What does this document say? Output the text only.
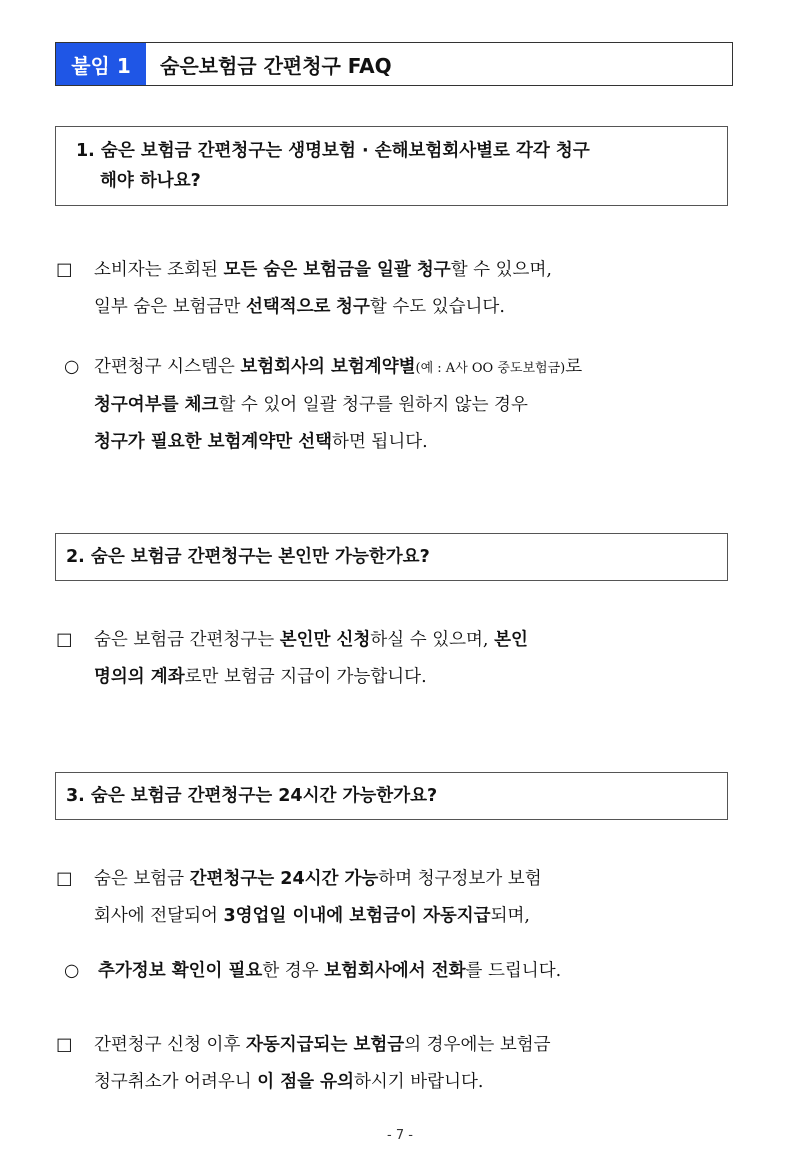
붙임 1	숨은보험금 간편청구 FAQ
1. 숨은 보험금 간편청구는 생명보험 · 손해보험회사별로 각각 청구
해야 하나요?
□	소비자는 조회된 모든 숨은 보험금을 일괄 청구할 수 있으며,
일부 숨은 보험금만 선택적으로 청구할 수도 있습니다.
○ 간편청구 시스템은 보험회사의 보험계약별(예 : A사 OO 중도보험금)로
청구여부를 체크할 수 있어 일괄 청구를 원하지 않는 경우
청구가 필요한 보험계약만 선택하면 됩니다.
2. 숨은 보험금 간편청구는 본인만 가능한가요?
□	숨은 보험금 간편청구는 본인만 신청하실 수 있으며, 본인
명의의 계좌로만 보험금 지급이 가능합니다.
3. 숨은 보험금 간편청구는 24시간 가능한가요?
□	숨은 보험금 간편청구는 24시간 가능하며 청구정보가 보험
회사에 전달되어 3영업일 이내에 보험금이 자동지급되며,
○	추가정보 확인이 필요한 경우 보험회사에서 전화를 드립니다.
□	간편청구 신청 이후 자동지급되는 보험금의 경우에는 보험금
청구취소가 어려우니 이 점을 유의하시기 바랍니다.
- 7 -
